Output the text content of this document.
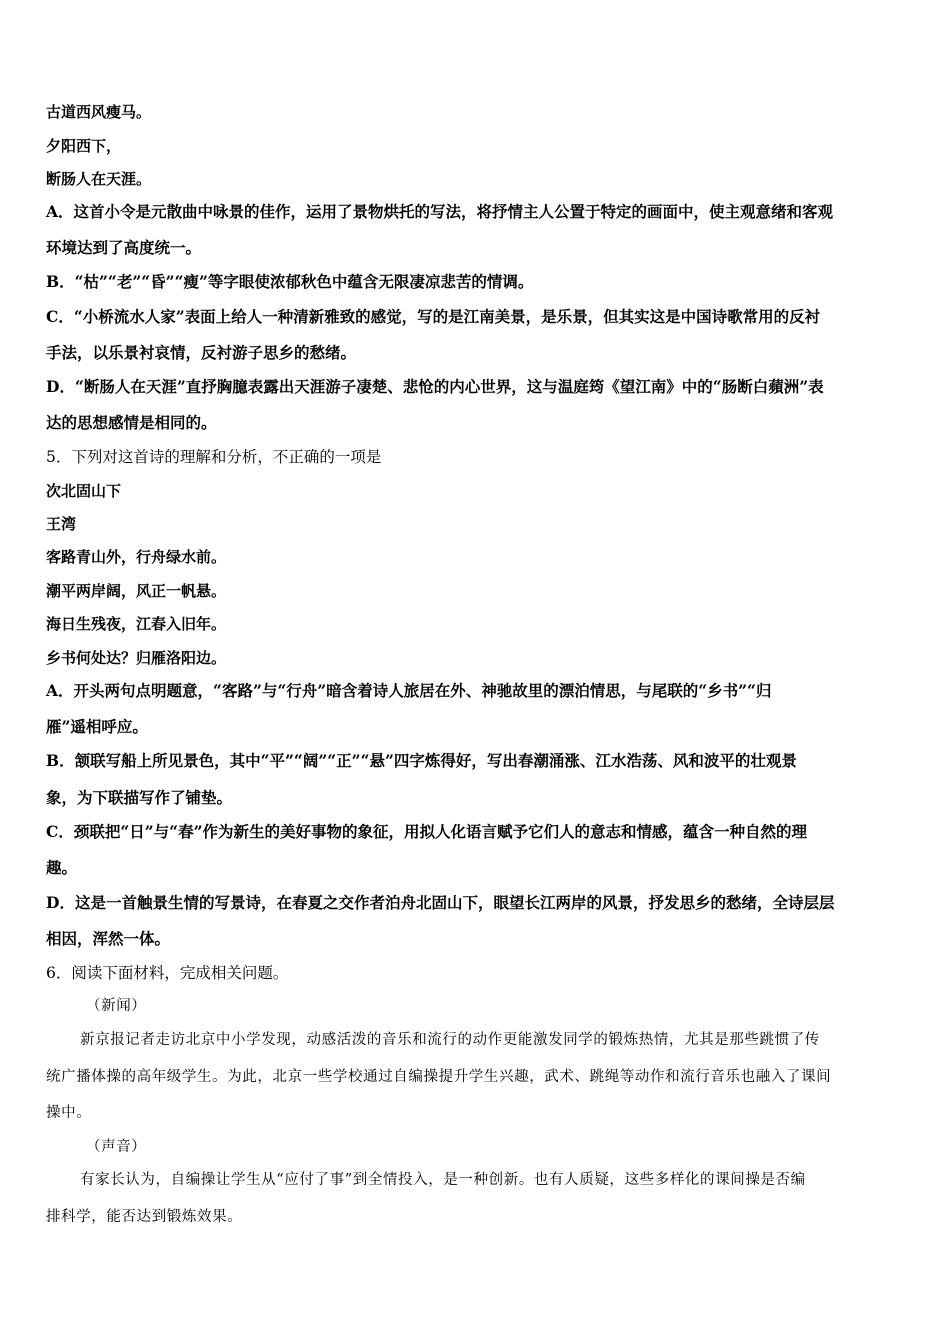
古道西风瘦马。
夕阳西下，
断肠人在天涯。
A．这首小令是元散曲中咏景的佳作，运用了景物烘托的写法，将抒情主人公置于特定的画面中，使主观意绪和客观
环境达到了高度统一。
B．“枯”“老”“昏”“瘦”等字眼使浓郁秋色中蕴含无限凄凉悲苦的情调。
C．“小桥流水人家”表面上给人一种清新雅致的感觉，写的是江南美景，是乐景，但其实这是中国诗歌常用的反衬
手法，以乐景衬哀情，反衬游子思乡的愁绪。
D．“断肠人在天涯”直抒胸臆表露出天涯游子凄楚、悲怆的内心世界，这与温庭筠《望江南》中的“肠断白蘋洲”表
达的思想感情是相同的。
5．下列对这首诗的理解和分析，不正确的一项是
次北固山下
王湾
客路青山外，行舟绿水前。
潮平两岸阔，风正一帆悬。
海日生残夜，江春入旧年。
乡书何处达？归雁洛阳边。
A．开头两句点明题意，“客路”与“行舟”暗含着诗人旅居在外、神驰故里的漂泊情思，与尾联的“乡书”“归
雁”遥相呼应。
B．颔联写船上所见景色，其中“平”“阔”“正”“悬”四字炼得好，写出春潮涌涨、江水浩荡、风和波平的壮观景
象，为下联描写作了铺垫。
C．颈联把“日”与“春”作为新生的美好事物的象征，用拟人化语言赋予它们人的意志和情感，蕴含一种自然的理
趣。
D．这是一首触景生情的写景诗，在春夏之交作者泊舟北固山下，眼望长江两岸的风景，抒发思乡的愁绪，全诗层层
相因，浑然一体。
6．阅读下面材料，完成相关问题。
（新闻）
新京报记者走访北京中小学发现，动感活泼的音乐和流行的动作更能激发同学的锻炼热情，尤其是那些跳惯了传
统广播体操的高年级学生。为此，北京一些学校通过自编操提升学生兴趣，武术、跳绳等动作和流行音乐也融入了课间
操中。
（声音）
有家长认为，自编操让学生从“应付了事”到全情投入，是一种创新。也有人质疑，这些多样化的课间操是否编
排科学，能否达到锻炼效果。
